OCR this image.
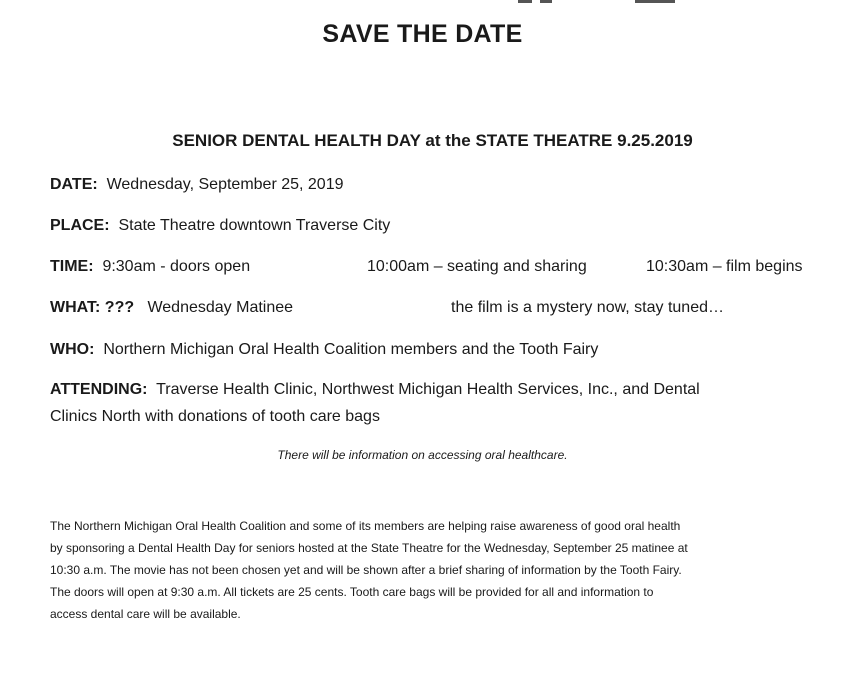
SAVE THE DATE
SENIOR DENTAL HEALTH DAY at the STATE THEATRE 9.25.2019
DATE: Wednesday, September 25, 2019
PLACE: State Theatre downtown Traverse City
TIME: 9:30am - doors open	10:00am – seating and sharing	10:30am – film begins
WHAT: ??? Wednesday Matinee	the film is a mystery now, stay tuned…
WHO: Northern Michigan Oral Health Coalition members and the Tooth Fairy
ATTENDING: Traverse Health Clinic, Northwest Michigan Health Services, Inc., and Dental
Clinics North with donations of tooth care bags
There will be information on accessing oral healthcare.
The Northern Michigan Oral Health Coalition and some of its members are helping raise awareness of good oral health
by sponsoring a Dental Health Day for seniors hosted at the State Theatre for the Wednesday, September 25 matinee at
10:30 a.m. The movie has not been chosen yet and will be shown after a brief sharing of information by the Tooth Fairy.
The doors will open at 9:30 a.m. All tickets are 25 cents. Tooth care bags will be provided for all and information to
access dental care will be available.
